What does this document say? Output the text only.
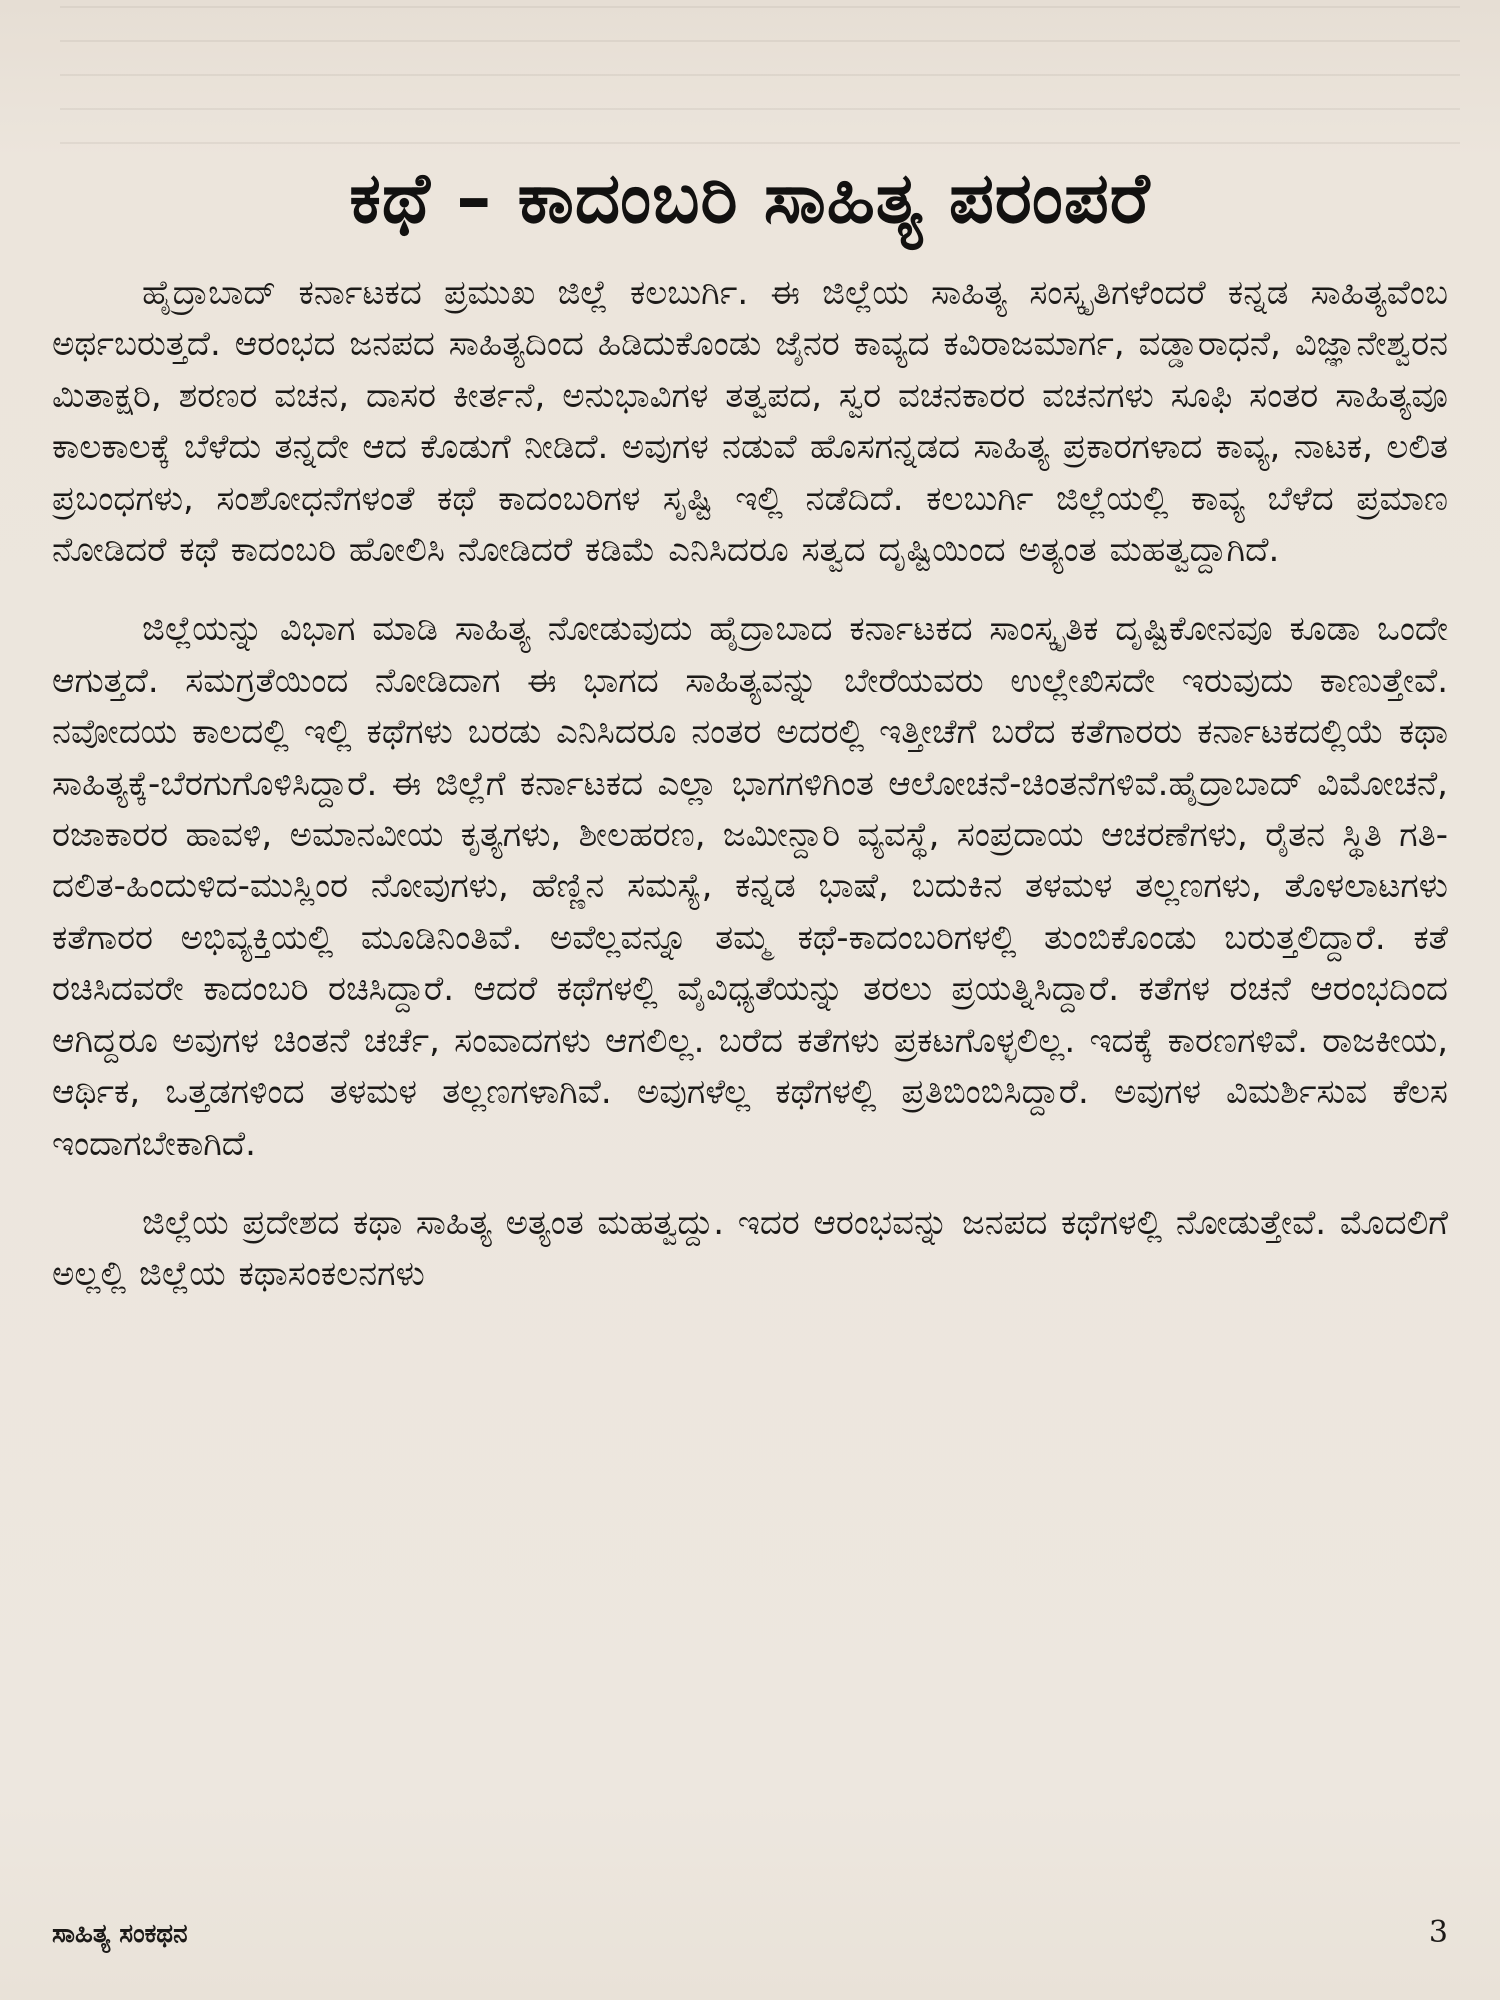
ಕಥೆ – ಕಾದಂಬರಿ ಸಾಹಿತ್ಯ ಪರಂಪರೆ

ಹೈದ್ರಾಬಾದ್ ಕರ್ನಾಟಕದ ಪ್ರಮುಖ ಜಿಲ್ಲೆ ಕಲಬುರ್ಗಿ. ಈ ಜಿಲ್ಲೆಯ ಸಾಹಿತ್ಯ ಸಂಸ್ಕೃತಿಗಳೆಂದರೆ ಕನ್ನಡ ಸಾಹಿತ್ಯವೆಂಬ ಅರ್ಥಬರುತ್ತದೆ. ಆರಂಭದ ಜನಪದ ಸಾಹಿತ್ಯದಿಂದ ಹಿಡಿದುಕೊಂಡು ಜೈನರ ಕಾವ್ಯದ ಕವಿರಾಜಮಾರ್ಗ, ವಡ್ಡಾರಾಧನೆ, ವಿಜ್ಞಾನೇಶ್ವರನ ಮಿತಾಕ್ಷರಿ, ಶರಣರ ವಚನ, ದಾಸರ ಕೀರ್ತನೆ, ಅನುಭಾವಿಗಳ ತತ್ವಪದ, ಸ್ವರ ವಚನಕಾರರ ವಚನಗಳು ಸೂಫಿ ಸಂತರ ಸಾಹಿತ್ಯವೂ ಕಾಲಕಾಲಕ್ಕೆ ಬೆಳೆದು ತನ್ನದೇ ಆದ ಕೊಡುಗೆ ನೀಡಿದೆ. ಅವುಗಳ ನಡುವೆ ಹೊಸಗನ್ನಡದ ಸಾಹಿತ್ಯ ಪ್ರಕಾರಗಳಾದ ಕಾವ್ಯ, ನಾಟಕ, ಲಲಿತ ಪ್ರಬಂಧಗಳು, ಸಂಶೋಧನೆಗಳಂತೆ ಕಥೆ ಕಾದಂಬರಿಗಳ ಸೃಷ್ಟಿ ಇಲ್ಲಿ ನಡೆದಿದೆ. ಕಲಬುರ್ಗಿ ಜಿಲ್ಲೆಯಲ್ಲಿ ಕಾವ್ಯ ಬೆಳೆದ ಪ್ರಮಾಣ ನೋಡಿದರೆ ಕಥೆ ಕಾದಂಬರಿ ಹೋಲಿಸಿ ನೋಡಿದರೆ ಕಡಿಮೆ ಎನಿಸಿದರೂ ಸತ್ವದ ದೃಷ್ಟಿಯಿಂದ ಅತ್ಯಂತ ಮಹತ್ವದ್ದಾಗಿದೆ.

ಜಿಲ್ಲೆಯನ್ನು ವಿಭಾಗ ಮಾಡಿ ಸಾಹಿತ್ಯ ನೋಡುವುದು ಹೈದ್ರಾಬಾದ ಕರ್ನಾಟಕದ ಸಾಂಸ್ಕೃತಿಕ ದೃಷ್ಟಿಕೋನವೂ ಕೂಡಾ ಒಂದೇ ಆಗುತ್ತದೆ. ಸಮಗ್ರತೆಯಿಂದ ನೋಡಿದಾಗ ಈ ಭಾಗದ ಸಾಹಿತ್ಯವನ್ನು ಬೇರೆಯವರು ಉಲ್ಲೇಖಿಸದೇ ಇರುವುದು ಕಾಣುತ್ತೇವೆ. ನವೋದಯ ಕಾಲದಲ್ಲಿ ಇಲ್ಲಿ ಕಥೆಗಳು ಬರಡು ಎನಿಸಿದರೂ ನಂತರ ಅದರಲ್ಲಿ ಇತ್ತೀಚೆಗೆ ಬರೆದ ಕತೆಗಾರರು ಕರ್ನಾಟಕದಲ್ಲಿಯೆ ಕಥಾ ಸಾಹಿತ್ಯಕ್ಕೆ-ಬೆರಗುಗೊಳಿಸಿದ್ದಾರೆ. ಈ ಜಿಲ್ಲೆಗೆ ಕರ್ನಾಟಕದ ಎಲ್ಲಾ ಭಾಗಗಳಿಗಿಂತ ಆಲೋಚನೆ-ಚಿಂತನೆಗಳಿವೆ.ಹೈದ್ರಾಬಾದ್ ವಿಮೋಚನೆ, ರಜಾಕಾರರ ಹಾವಳಿ, ಅಮಾನವೀಯ ಕೃತ್ಯಗಳು, ಶೀಲಹರಣ, ಜಮೀನ್ದಾರಿ ವ್ಯವಸ್ಥೆ, ಸಂಪ್ರದಾಯ ಆಚರಣೆಗಳು, ರೈತನ ಸ್ಥಿತಿ ಗತಿ-ದಲಿತ-ಹಿಂದುಳಿದ-ಮುಸ್ಲಿಂರ ನೋವುಗಳು, ಹೆಣ್ಣಿನ ಸಮಸ್ಯೆ, ಕನ್ನಡ ಭಾಷೆ, ಬದುಕಿನ ತಳಮಳ ತಲ್ಲಣಗಳು, ತೊಳಲಾಟಗಳು ಕತೆಗಾರರ ಅಭಿವ್ಯಕ್ತಿಯಲ್ಲಿ ಮೂಡಿನಿಂತಿವೆ. ಅವೆಲ್ಲವನ್ನೂ ತಮ್ಮ ಕಥೆ-ಕಾದಂಬರಿಗಳಲ್ಲಿ ತುಂಬಿಕೊಂಡು ಬರುತ್ತಲಿದ್ದಾರೆ. ಕತೆ ರಚಿಸಿದವರೇ ಕಾದಂಬರಿ ರಚಿಸಿದ್ದಾರೆ. ಆದರೆ ಕಥೆಗಳಲ್ಲಿ ವೈವಿಧ್ಯತೆಯನ್ನು ತರಲು ಪ್ರಯತ್ನಿಸಿದ್ದಾರೆ. ಕತೆಗಳ ರಚನೆ ಆರಂಭದಿಂದ ಆಗಿದ್ದರೂ ಅವುಗಳ ಚಿಂತನೆ ಚರ್ಚೆ, ಸಂವಾದಗಳು ಆಗಲಿಲ್ಲ. ಬರೆದ ಕತೆಗಳು ಪ್ರಕಟಗೊಳ್ಳಲಿಲ್ಲ. ಇದಕ್ಕೆ ಕಾರಣಗಳಿವೆ. ರಾಜಕೀಯ, ಆರ್ಥಿಕ, ಒತ್ತಡಗಳಿಂದ ತಳಮಳ ತಲ್ಲಣಗಳಾಗಿವೆ. ಅವುಗಳೆಲ್ಲ ಕಥೆಗಳಲ್ಲಿ ಪ್ರತಿಬಿಂಬಿಸಿದ್ದಾರೆ. ಅವುಗಳ ವಿಮರ್ಶಿಸುವ ಕೆಲಸ ಇಂದಾಗಬೇಕಾಗಿದೆ.

ಜಿಲ್ಲೆಯ ಪ್ರದೇಶದ ಕಥಾ ಸಾಹಿತ್ಯ ಅತ್ಯಂತ ಮಹತ್ವದ್ದು. ಇದರ ಆರಂಭವನ್ನು ಜನಪದ ಕಥೆಗಳಲ್ಲಿ ನೋಡುತ್ತೇವೆ. ಮೊದಲಿಗೆ ಅಲ್ಲಲ್ಲಿ ಜಿಲ್ಲೆಯ ಕಥಾಸಂಕಲನಗಳು

ಸಾಹಿತ್ಯ ಸಂಕಥನ	3
